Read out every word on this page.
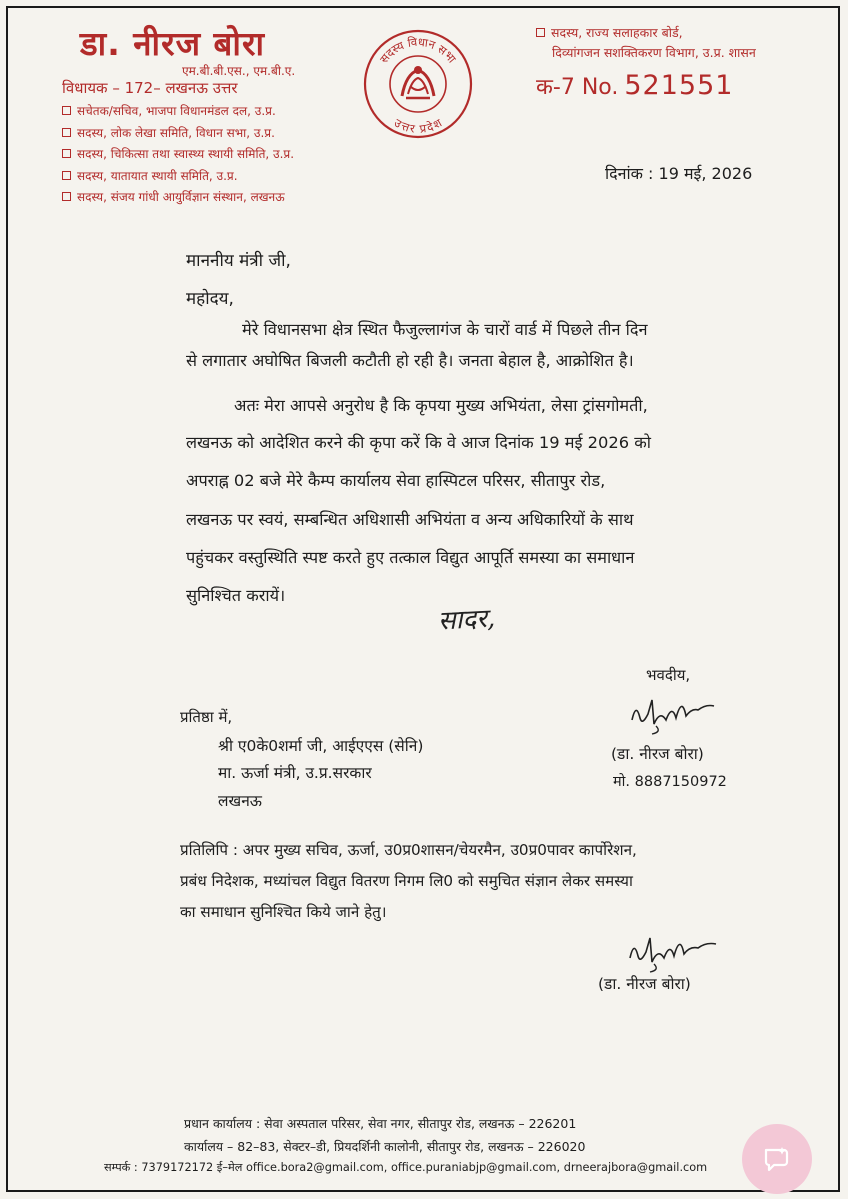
डा. नीरज बोरा
एम.बी.बी.एस., एम.बी.ए.
विधायक – 172– लखनऊ उत्तर
सचेतक/सचिव, भाजपा विधानमंडल दल, उ.प्र.
सदस्य, लोक लेखा समिति, विधान सभा, उ.प्र.
सदस्य, चिकित्सा तथा स्वास्थ्य स्थायी समिति, उ.प्र.
सदस्य, यातायात स्थायी समिति, उ.प्र.
सदस्य, संजय गांधी आयुर्विज्ञान संस्थान, लखनऊ
सदस्य विधान सभा
उत्तर प्रदेश
सदस्य, राज्य सलाहकार बोर्ड,
दिव्यांगजन सशक्तिकरण विभाग, उ.प्र. शासन
क-7 No. 521551
दिनांक : 19 मई, 2026
माननीय मंत्री जी,
महोदय,
मेरे विधानसभा क्षेत्र स्थित फैजुल्लागंज के चारों वार्ड में पिछले तीन दिन
से लगातार अघोषित बिजली कटौती हो रही है। जनता बेहाल है, आक्रोशित है।
अतः मेरा आपसे अनुरोध है कि कृपया मुख्य अभियंता, लेसा ट्रांसगोमती,
लखनऊ को आदेशित करने की कृपा करें कि वे आज दिनांक 19 मई 2026 को
अपराह्न 02 बजे मेरे कैम्प कार्यालय सेवा हास्पिटल परिसर, सीतापुर रोड,
लखनऊ पर स्वयं, सम्बन्धित अधिशासी अभियंता व अन्य अधिकारियों के साथ
पहुंचकर वस्तुस्थिति स्पष्ट करते हुए तत्काल विद्युत आपूर्ति समस्या का समाधान
सुनिश्चित करायें।
सादर,
भवदीय,
प्रतिष्ठा में,
श्री ए0के0शर्मा जी, आईएएस (सेनि)
मा. ऊर्जा मंत्री, उ.प्र.सरकार
लखनऊ
(डा. नीरज बोरा)
मो. 8887150972
प्रतिलिपि : अपर मुख्य सचिव, ऊर्जा, उ0प्र0शासन/चेयरमैन, उ0प्र0पावर कार्पोरेशन,
प्रबंध निदेशक, मध्यांचल विद्युत वितरण निगम लि0 को समुचित संज्ञान लेकर समस्या
का समाधान सुनिश्चित किये जाने हेतु।
(डा. नीरज बोरा)
प्रधान कार्यालय : सेवा अस्पताल परिसर, सेवा नगर, सीतापुर रोड, लखनऊ – 226201
कार्यालय – 82–83, सेक्टर–डी, प्रियदर्शिनी कालोनी, सीतापुर रोड, लखनऊ – 226020
सम्पर्क : 7379172172 ई–मेल office.bora2@gmail.com, office.puraniabjp@gmail.com, drneerajbora@gmail.com
